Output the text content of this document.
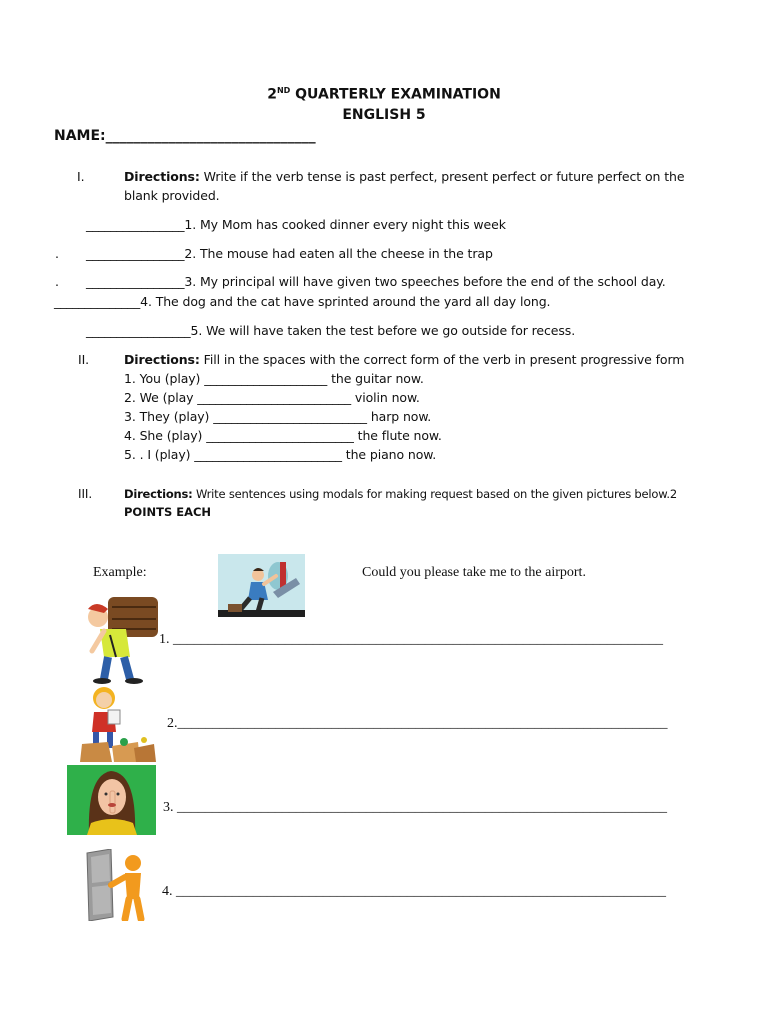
2ND QUARTERLY EXAMINATION
ENGLISH 5
NAME:______________________________
I.	Directions: Write if the verb tense is past perfect, present perfect or future perfect on the
blank provided.
________________1. My Mom has cooked dinner every night this week
. ________________2. The mouse had eaten all the cheese in the trap
. ________________3. My principal will have given two speeches before the end of the school day.
______________4. The dog and the cat have sprinted around the yard all day long.
_________________5. We will have taken the test before we go outside for recess.
II.	Directions: Fill in the spaces with the correct form of the verb in present progressive form
1. You (play) ____________________ the guitar now.
2. We (play _________________________ violin now.
3. They (play) _________________________ harp now.
4. She (play) ________________________ the flute now.
5. . I (play) ________________________ the piano now.
III.	Directions: Write sentences using modals for making request based on the given pictures below.2
POINTS EACH
Example:	Could you please take me to the airport.
1. ______________________________________________________________________
2.______________________________________________________________________
3. ______________________________________________________________________
4. ______________________________________________________________________
